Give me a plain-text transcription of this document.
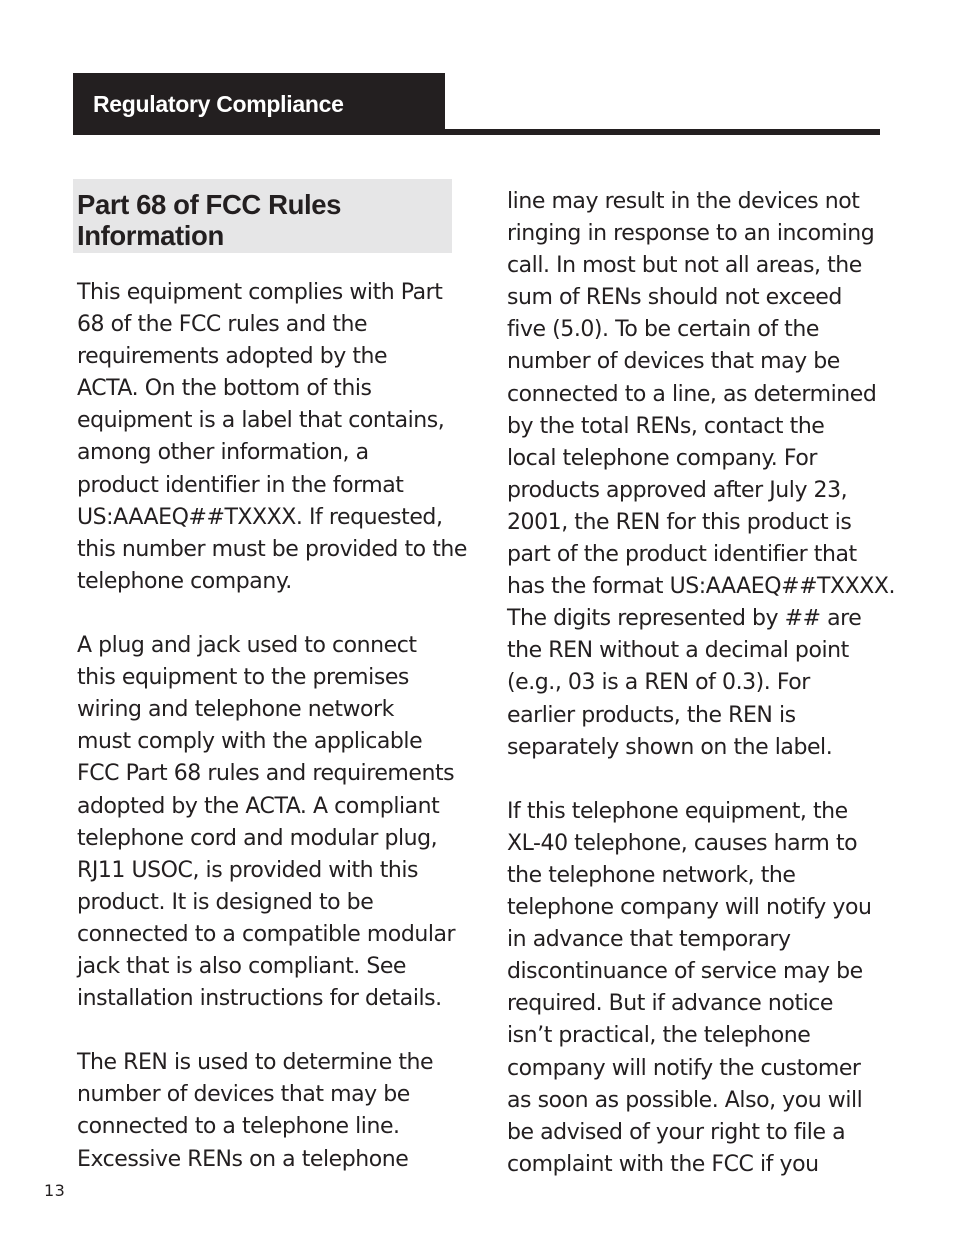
Regulatory Compliance
Part 68 of FCC Rules
Information

This equipment complies with Part
68 of the FCC rules and the
requirements adopted by the
ACTA. On the bottom of this
equipment is a label that contains,
among other information, a
product identifier in the format
US:AAAEQ##TXXXX. If requested,
this number must be provided to the
telephone company.

A plug and jack used to connect
this equipment to the premises
wiring and telephone network
must comply with the applicable
FCC Part 68 rules and requirements
adopted by the ACTA. A compliant
telephone cord and modular plug,
RJ11 USOC, is provided with this
product. It is designed to be
connected to a compatible modular
jack that is also compliant. See
installation instructions for details.

The REN is used to determine the
number of devices that may be
connected to a telephone line.
Excessive RENs on a telephone

line may result in the devices not
ringing in response to an incoming
call. In most but not all areas, the
sum of RENs should not exceed
five (5.0). To be certain of the
number of devices that may be
connected to a line, as determined
by the total RENs, contact the
local telephone company. For
products approved after July 23,
2001, the REN for this product is
part of the product identifier that
has the format US:AAAEQ##TXXXX.
The digits represented by ## are
the REN without a decimal point
(e.g., 03 is a REN of 0.3). For
earlier products, the REN is
separately shown on the label.

If this telephone equipment, the
XL-40 telephone, causes harm to
the telephone network, the
telephone company will notify you
in advance that temporary
discontinuance of service may be
required. But if advance notice
isn’t practical, the telephone
company will notify the customer
as soon as possible. Also, you will
be advised of your right to file a
complaint with the FCC if you

13
